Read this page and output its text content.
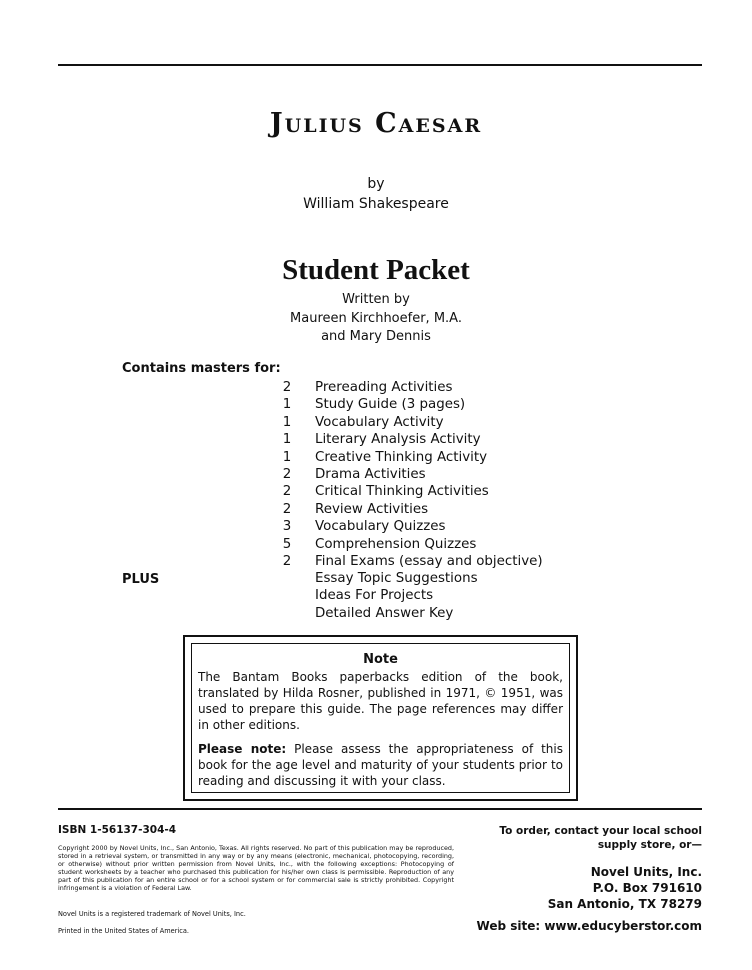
Julius Caesar
by
William Shakespeare
Student Packet
Written by
Maureen Kirchhoefer, M.A.
and Mary Dennis
Contains masters for:
2 Prereading Activities
1 Study Guide (3 pages)
1 Vocabulary Activity
1 Literary Analysis Activity
1 Creative Thinking Activity
2 Drama Activities
2 Critical Thinking Activities
2 Review Activities
3 Vocabulary Quizzes
5 Comprehension Quizzes
2 Final Exams (essay and objective)
PLUS	Essay Topic Suggestions
Ideas For Projects
Detailed Answer Key
Note

The Bantam Books paperbacks edition of the book, translated by Hilda Rosner, published in 1971, © 1951, was used to prepare this guide. The page references may differ in other editions.

Please note: Please assess the appropriateness of this book for the age level and maturity of your students prior to reading and discussing it with your class.

ISBN 1-56137-304-4
Copyright 2000 by Novel Units, Inc., San Antonio, Texas. All rights reserved. No part of this publication may be reproduced, stored in a retrieval system, or transmitted in any way or by any means (electronic, mechanical, photocopying, recording, or otherwise) without prior written permission from Novel Units, Inc., with the following exceptions: Photocopying of student worksheets by a teacher who purchased this publication for his/her own class is permissible. Reproduction of any part of this publication for an entire school or for a school system or for commercial sale is strictly prohibited. Copyright infringement is a violation of Federal Law.
Novel Units is a registered trademark of Novel Units, Inc.
Printed in the United States of America.
To order, contact your local school
supply store, or—
Novel Units, Inc.
P.O. Box 791610
San Antonio, TX 78279
Web site: www.educyberstor.com
